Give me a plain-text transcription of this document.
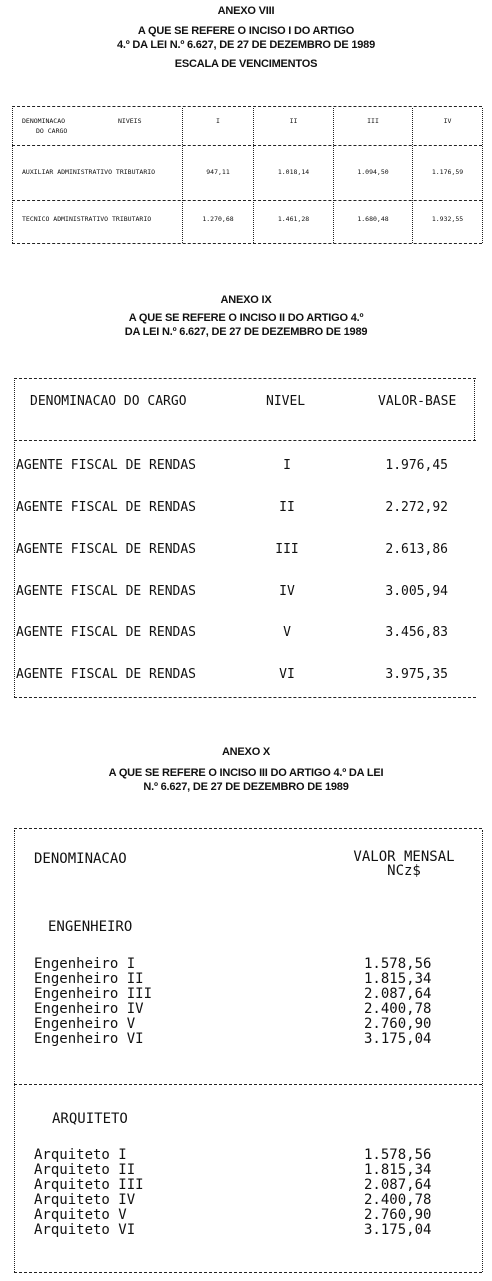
ANEXO VIII
A QUE SE REFERE O INCISO I DO ARTIGO
4.º DA LEI N.º 6.627, DE 27 DE DEZEMBRO DE 1989
ESCALA DE VENCIMENTOS
DENOMINACAO
DO CARGO
NIVEIS	I	II	III	IV
AUXILIAR ADMINISTRATIVO TRIBUTARIO	947,11	1.018,14	1.094,50	1.176,59
TECNICO ADMINISTRATIVO TRIBUTARIO	1.270,68	1.461,28	1.680,48	1.932,55
ANEXO IX
A QUE SE REFERE O INCISO II DO ARTIGO 4.º
DA LEI N.º 6.627, DE 27 DE DEZEMBRO DE 1989
DENOMINACAO DO CARGO	NIVEL	VALOR-BASE
AGENTE FISCAL DE RENDAS	I	1.976,45
AGENTE FISCAL DE RENDAS	II	2.272,92
AGENTE FISCAL DE RENDAS	III	2.613,86
AGENTE FISCAL DE RENDAS	IV	3.005,94
AGENTE FISCAL DE RENDAS	V	3.456,83
AGENTE FISCAL DE RENDAS	VI	3.975,35
ANEXO X
A QUE SE REFERE O INCISO III DO ARTIGO 4.º DA LEI
N.º 6.627, DE 27 DE DEZEMBRO DE 1989
DENOMINACAO	VALOR MENSAL
NCz$
ENGENHEIRO
Engenheiro I	1.578,56
Engenheiro II	1.815,34
Engenheiro III	2.087,64
Engenheiro IV	2.400,78
Engenheiro V	2.760,90
Engenheiro VI	3.175,04
ARQUITETO
Arquiteto I	1.578,56
Arquiteto II	1.815,34
Arquiteto III	2.087,64
Arquiteto IV	2.400,78
Arquiteto V	2.760,90
Arquiteto VI	3.175,04
